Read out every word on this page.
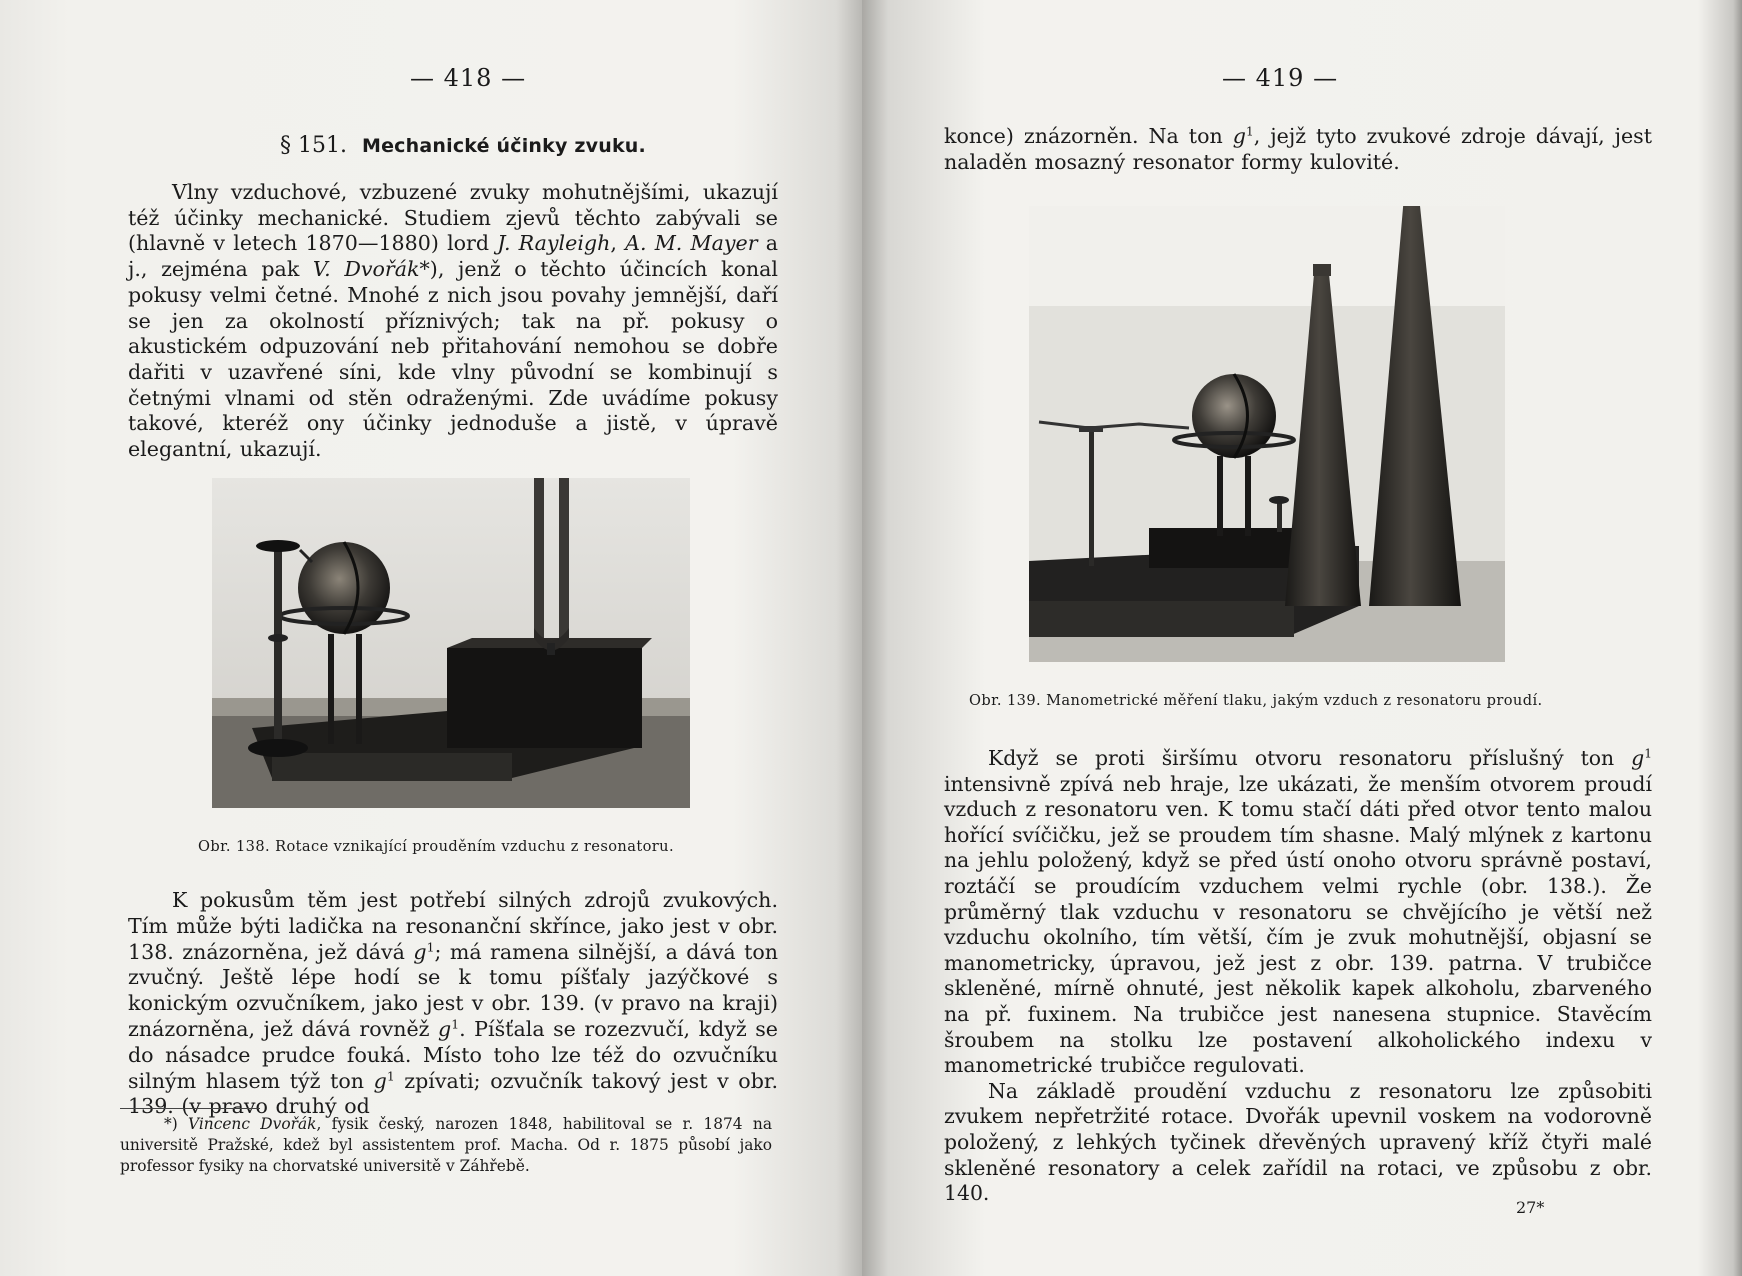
— 418 —
§ 151. Mechanické účinky zvuku.

Vlny vzduchové, vzbuzené zvuky mohutnějšími, ukazují též účinky mechanické. Studiem zjevů těchto zabývali se (hlavně v letech 1870—1880) lord J. Rayleigh, A. M. Mayer a j., zejména pak V. Dvořák*), jenž o těchto účincích konal pokusy velmi četné. Mnohé z nich jsou povahy jemnější, daří se jen za okolností příznivých; tak na př. pokusy o akustickém odpuzování neb přitahování nemohou se dobře dařiti v uzavřené síni, kde vlny původní se kombinují s četnými vlnami od stěn odraženými. Zde uvádíme pokusy takové, kteréž ony účinky jednoduše a jistě, v úpravě elegantní, ukazují.

Obr. 138. Rotace vznikající prouděním vzduchu z resonatoru.

K pokusům těm jest potřebí silných zdrojů zvukových. Tím může býti ladička na resonanční skřínce, jako jest v obr. 138. znázorněna, jež dává $g^1$; má ramena silnější, a dává ton zvučný. Ještě lépe hodí se k tomu píšťaly jazýčkové s konickým ozvučníkem, jako jest v obr. 139. (v pravo na kraji) znázorněna, jež dává rovněž $g^1$. Píšťala se rozezvučí, když se do násadce prudce fouká. Místo toho lze též do ozvučníku silným hlasem týž ton $g^1$ zpívati; ozvučník takový jest v obr. 139. (v pravo druhý od

*) Vincenc Dvořák, fysik český, narozen 1848, habilitoval se r. 1874 na universitě Pražské, kdež byl assistentem prof. Macha. Od r. 1875 působí jako professor fysiky na chorvatské universitě v Záhřebě.

— 419 —

konce) znázorněn. Na ton $g^1$, jejž tyto zvukové zdroje dávají, jest naladěn mosazný resonator formy kulovité.

Obr. 139. Manometrické měření tlaku, jakým vzduch z resonatoru proudí.

Když se proti širšímu otvoru resonatoru příslušný ton $g^1$ intensivně zpívá neb hraje, lze ukázati, že menším otvorem proudí vzduch z resonatoru ven. K tomu stačí dáti před otvor tento malou hořící svíčičku, jež se proudem tím shasne. Malý mlýnek z kartonu na jehlu položený, když se před ústí onoho otvoru správně postaví, roztáčí se proudícím vzduchem velmi rychle (obr. 138.). Že průměrný tlak vzduchu v resonatoru se chvějícího je větší než vzduchu okolního, tím větší, čím je zvuk mohutnější, objasní se manometricky, úpravou, jež jest z obr. 139. patrna. V trubičce skleněné, mírně ohnuté, jest několik kapek alkoholu, zbarveného na př. fuxinem. Na trubičce jest nanesena stupnice. Stavěcím šroubem na stolku lze postavení alkoholického indexu v manometrické trubičce regulovati.

Na základě proudění vzduchu z resonatoru lze způsobiti zvukem nepřetržité rotace. Dvořák upevnil voskem na vodorovně položený, z lehkých tyčinek dřevěných upravený kříž čtyři malé skleněné resonatory a celek zařídil na rotaci, ve způsobu z obr. 140.

27*
